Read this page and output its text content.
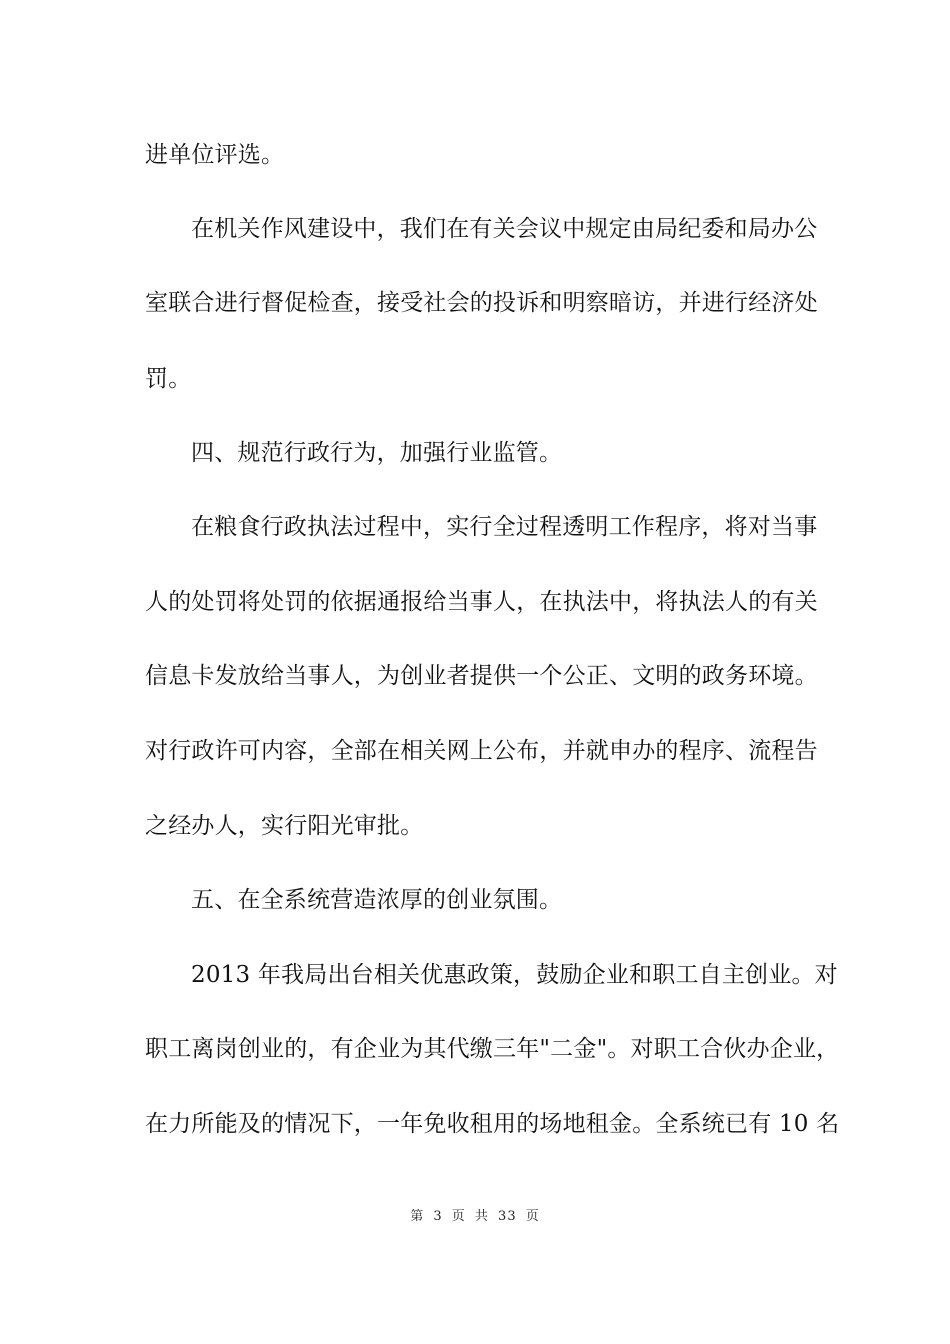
进单位评选。
在机关作风建设中，我们在有关会议中规定由局纪委和局办公
室联合进行督促检查，接受社会的投诉和明察暗访，并进行经济处
罚。
四、规范行政行为，加强行业监管。
在粮食行政执法过程中，实行全过程透明工作程序，将对当事
人的处罚将处罚的依据通报给当事人，在执法中，将执法人的有关
信息卡发放给当事人，为创业者提供一个公正、文明的政务环境。
对行政许可内容，全部在相关网上公布，并就申办的程序、流程告
之经办人，实行阳光审批。
五、在全系统营造浓厚的创业氛围。
2013 年我局出台相关优惠政策，鼓励企业和职工自主创业。对
职工离岗创业的，有企业为其代缴三年"二金"。对职工合伙办企业，
在力所能及的情况下，一年免收租用的场地租金。全系统已有 10 名
第 3 页 共 33 页
